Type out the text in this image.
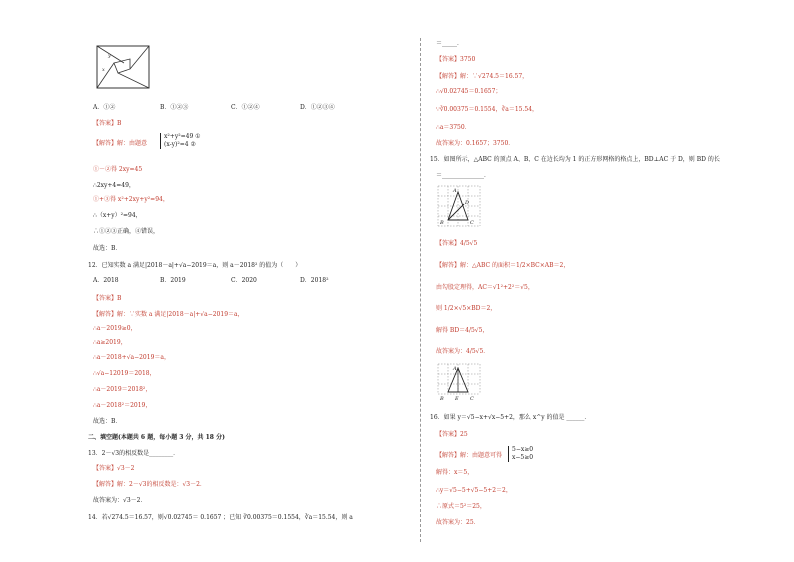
y
x
A．①②	B．①②③	C．①②④	D．①②③④
【答案】B
【解答】解：由题意
x²+y²=49 ①
(x-y)²=4 ②
①－②得 2xy=45
∴2xy+4=49，
①+③得 x²+2xy+y²=94，
∴（x+y）²=94，
∴①②③正确，④错误，
故选：B．
12．已知实数 a 满足|2018－a|+√a−2019＝a，则 a－2018² 的值为（　　）
A．2018	B．2019	C．2020	D．2018²
【答案】B
【解答】解：∵实数 a 满足|2018－a|+√a−2019＝a，
∴a－2019≥0，
∴a≥2019，
∴a－2018+√a−2019＝a，
∴√a−12019＝2018，
∴a－2019＝2018²，
∴a－2018²＝2019，
故选：B．
二、填空题(本题共 6 题，每小题 3 分，共 18 分)
13．2－√3的相反数是________．
【答案】√3－2
【解答】解：2－√3的相反数是：√3－2．
故答案为：√3－2．
14．若√274.5＝16.57，则√0.02745＝ 0.1657 ；已知 ∛0.00375＝0.1554，∛a＝15.54，则 a
＝_____．
【答案】3750
【解答】解：∵√274.5＝16.57，
∴√0.02745＝0.1657；
∵∛0.00375＝0.1554，∛a＝15.54，
∴a＝3750．
故答案为：0.1657；3750．
15．如图所示，△ABC 的顶点 A、B、C 在边长均为 1 的正方形网格的格点上，BD⊥AC 于 D，则 BD 的长
＝______________．
A
B	C
D
【答案】4/5√5
【解答】解：△ABC 的面积＝1/2×BC×AB＝2，
由勾股定理得，AC＝√1²+2²＝√5，
则 1/2×√5×BD＝2，
解得 BD＝4/5√5，
故答案为：4/5√5．
A
B E C
16．如果 y＝√5−x+√x−5+2，那么 x^y 的值是 ______．
【答案】25
【解答】解：由题意可得
5−x≥0
x−5≥0
解得：x＝5，
∴y＝√5−5+√5−5+2＝2，
∴原式＝5²＝25，
故答案为：25．
